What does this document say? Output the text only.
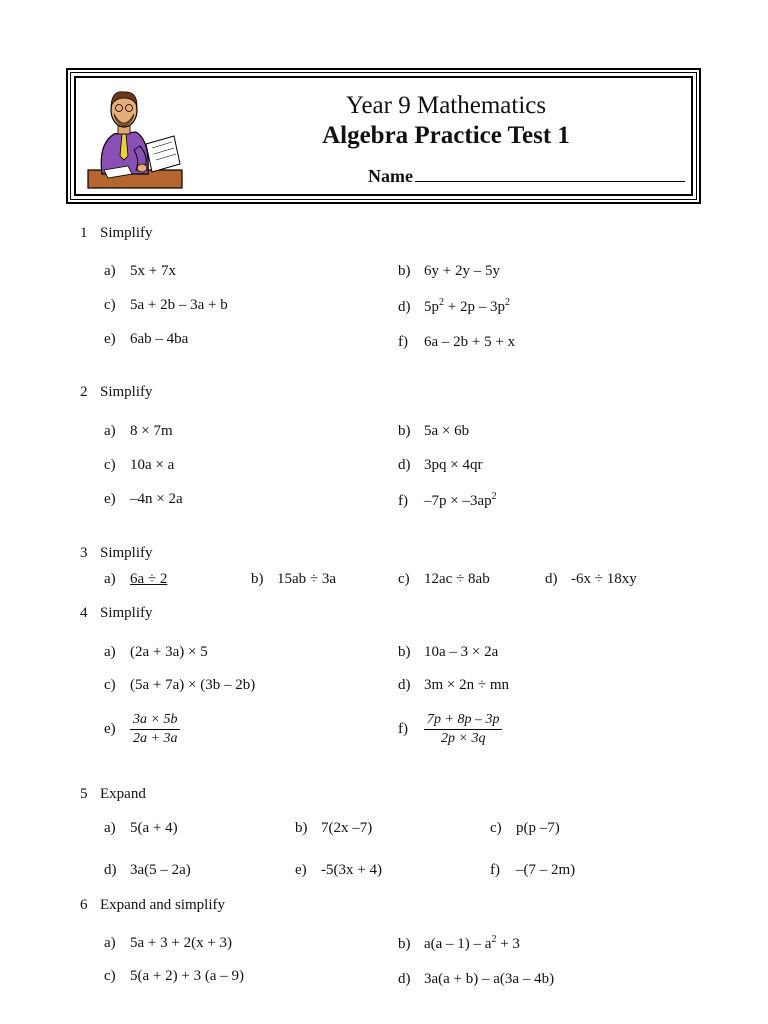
Year 9 Mathematics
Algebra Practice Test 1
Name
1 Simplify
a) 5x + 7x	b) 6y + 2y – 5y
c) 5a + 2b – 3a + b	d) $5p^2 + 2p - 3p^2$
e) 6ab – 4ba	f) 6a – 2b + 5 + x
2 Simplify
a) 8 × 7m	b) 5a × 6b
c) 10a × a	d) 3pq × 4qr
e) –4n × 2a	f) $-7p \times -3ap^2$
3 Simplify
a) 6a ÷ 2	b) 15ab ÷ 3a	c) 12ac ÷ 8ab	d) -6x ÷ 18xy
4 Simplify
a) (2a + 3a) × 5	b) 10a – 3 × 2a
c) (5a + 7a) × (3b – 2b)	d) 3m × 2n ÷ mn
$e) \frac{3a \times 5b}{2a + 3a}$	$f) \frac{7p + 8p - 3p}{2p \times 3q}$
5 Expand
a) 5(a + 4)	b) 7(2x –7)	c) p(p –7)
d) 3a(5 – 2a)	e) -5(3x + 4)	f) –(7 – 2m)
6 Expand and simplify
a) 5a + 3 + 2(x + 3)	b) $a(a - 1) - a^2 + 3$
c) 5(a + 2) + 3 (a – 9)	d) 3a(a + b) – a(3a – 4b)
